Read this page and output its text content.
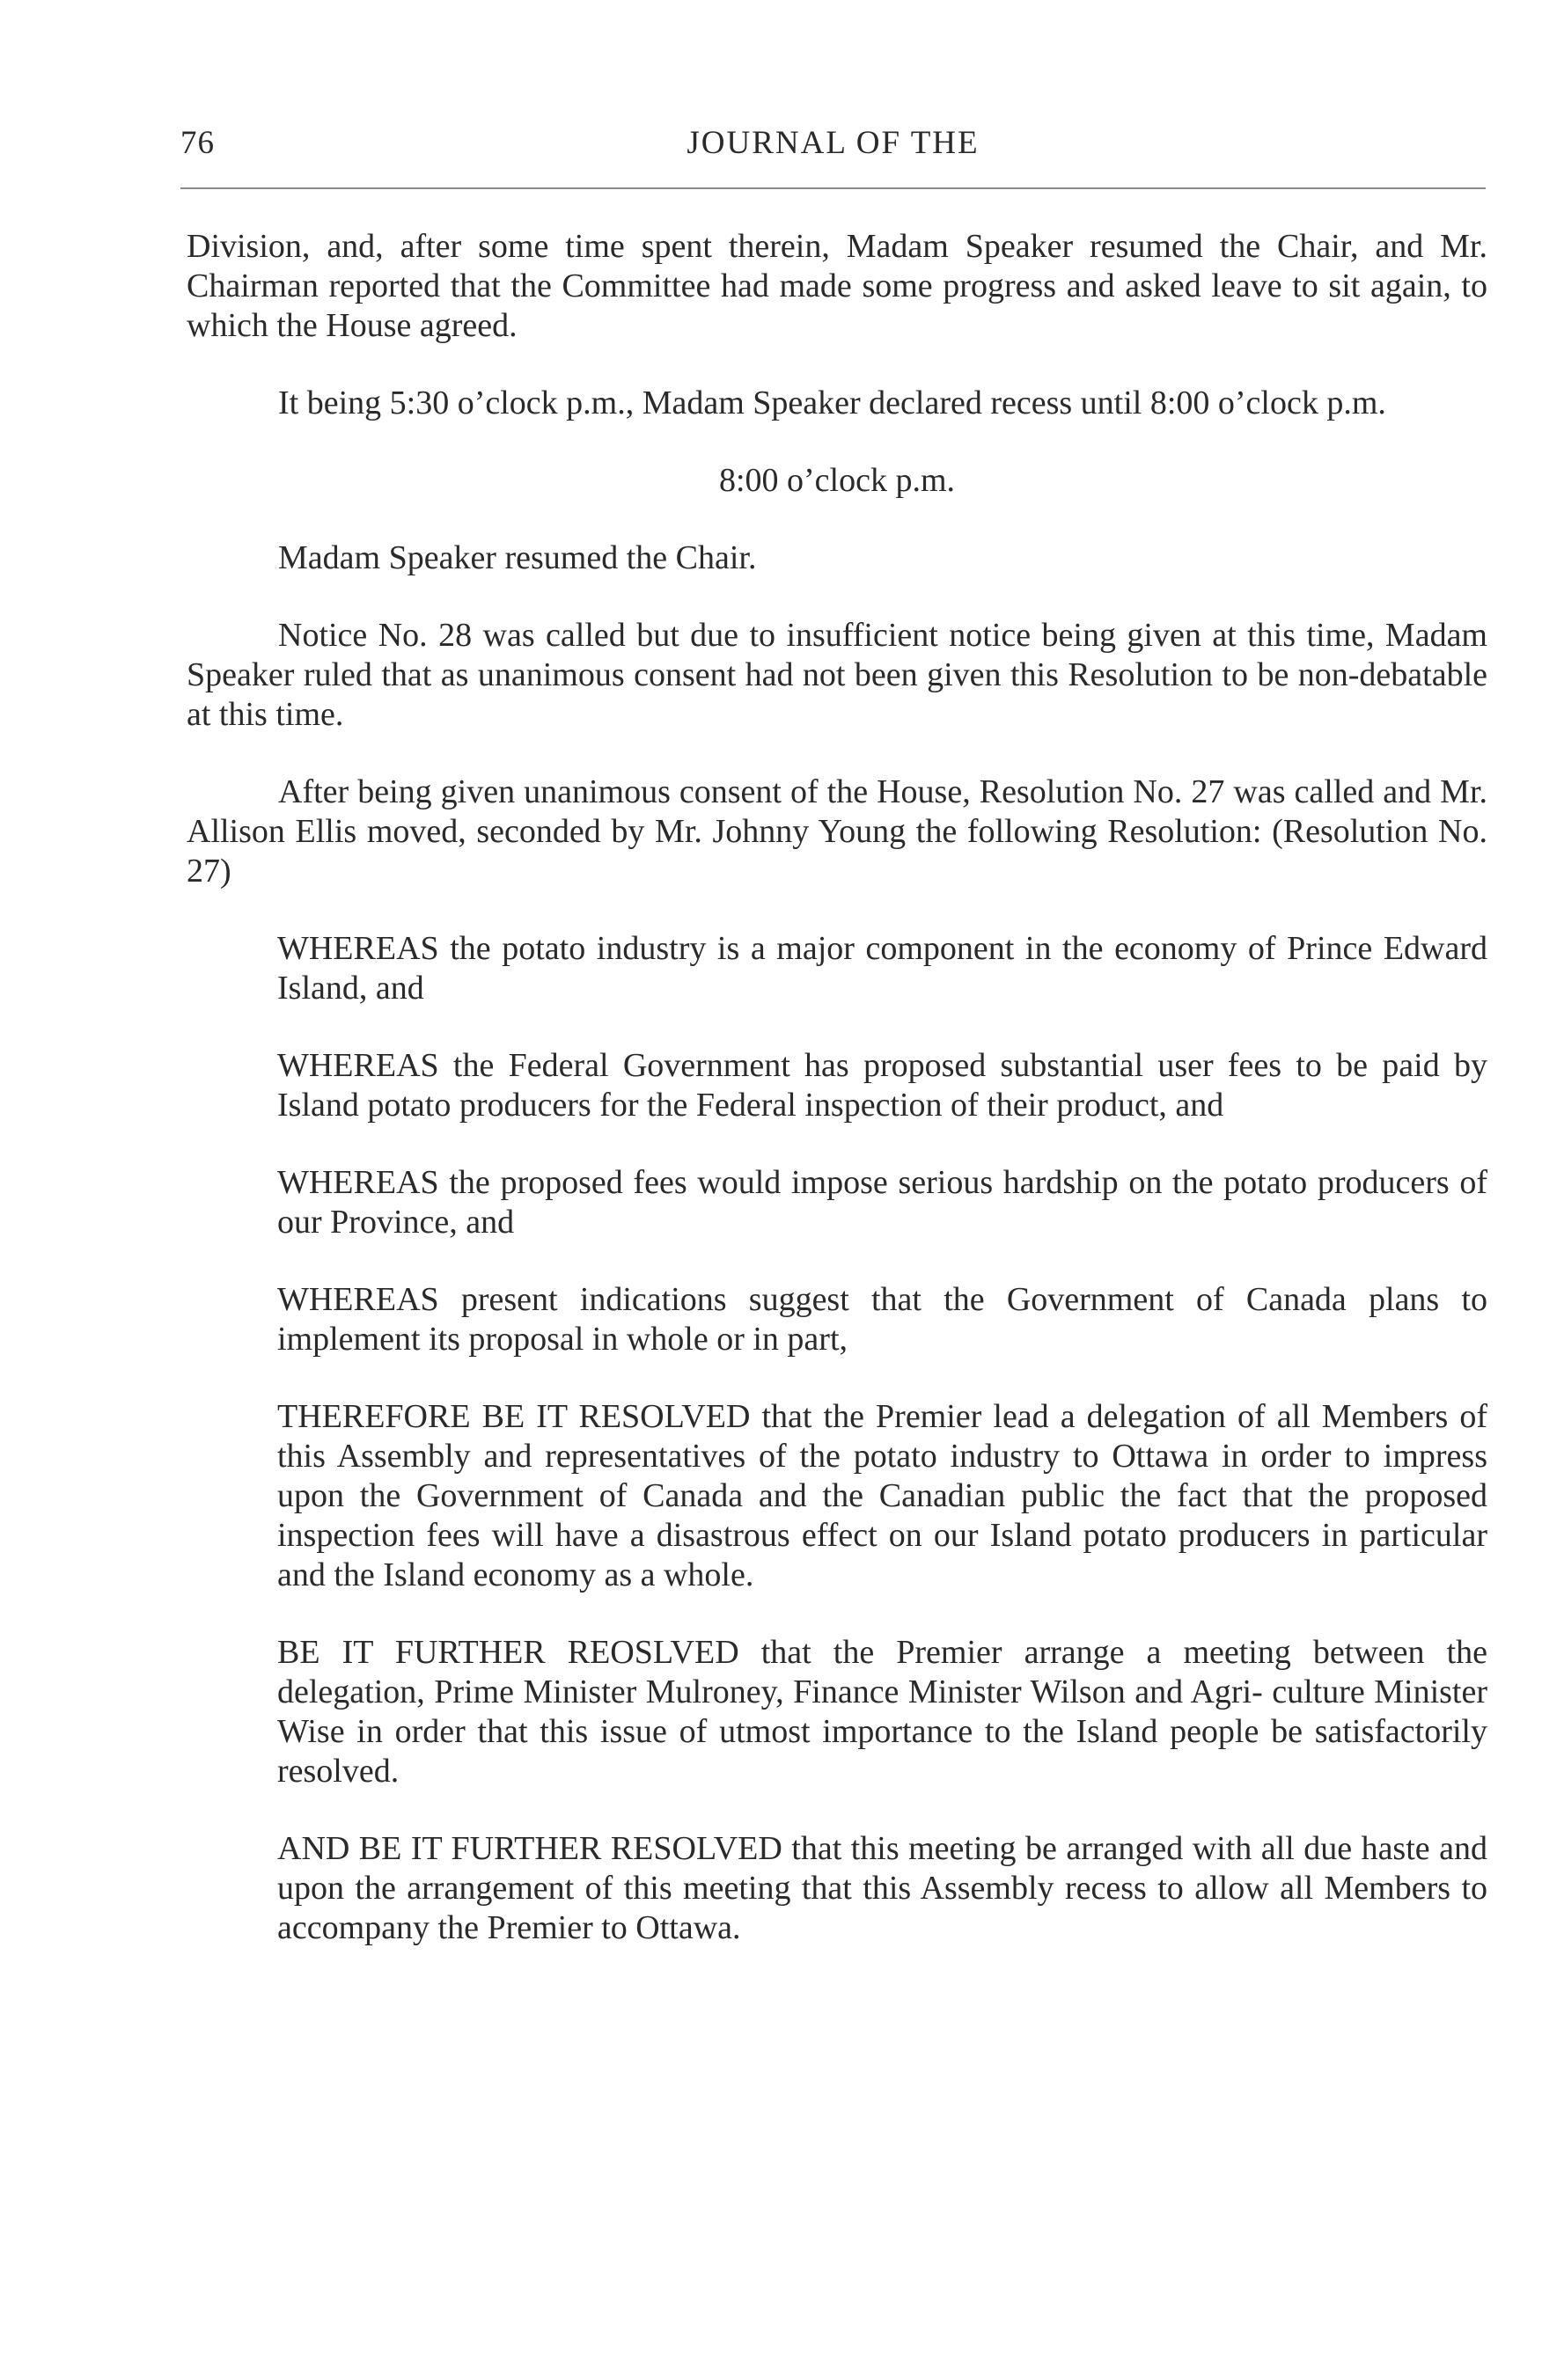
76	JOURNAL OF THE

Division, and, after some time spent therein, Madam Speaker resumed the Chair, and Mr. Chairman reported that the Committee had made some progress and asked leave to sit again, to which the House agreed.

It being 5:30 o’clock p.m., Madam Speaker declared recess until 8:00 o’clock p.m.

8:00 o’clock p.m.

Madam Speaker resumed the Chair.

Notice No. 28 was called but due to insufficient notice being given at this time, Madam Speaker ruled that as unanimous consent had not been given this Resolution to be non-debatable at this time.

After being given unanimous consent of the House, Resolution No. 27 was called and Mr. Allison Ellis moved, seconded by Mr. Johnny Young the following Resolution: (Resolution No. 27)

WHEREAS the potato industry is a major component in the economy of Prince Edward Island, and

WHEREAS the Federal Government has proposed substantial user fees to be paid by Island potato producers for the Federal inspection of their product, and

WHEREAS the proposed fees would impose serious hardship on the potato producers of our Province, and

WHEREAS present indications suggest that the Government of Canada plans to implement its proposal in whole or in part,

THEREFORE BE IT RESOLVED that the Premier lead a delegation of all Members of this Assembly and representatives of the potato industry to Ottawa in order to impress upon the Government of Canada and the Canadian public the fact that the proposed inspection fees will have a disastrous effect on our Island potato producers in particular and the Island economy as a whole.

BE IT FURTHER REOSLVED that the Premier arrange a meeting between the delegation, Prime Minister Mulroney, Finance Minister Wilson and Agri- culture Minister Wise in order that this issue of utmost importance to the Island people be satisfactorily resolved.

AND BE IT FURTHER RESOLVED that this meeting be arranged with all due haste and upon the arrangement of this meeting that this Assembly recess to allow all Members to accompany the Premier to Ottawa.
